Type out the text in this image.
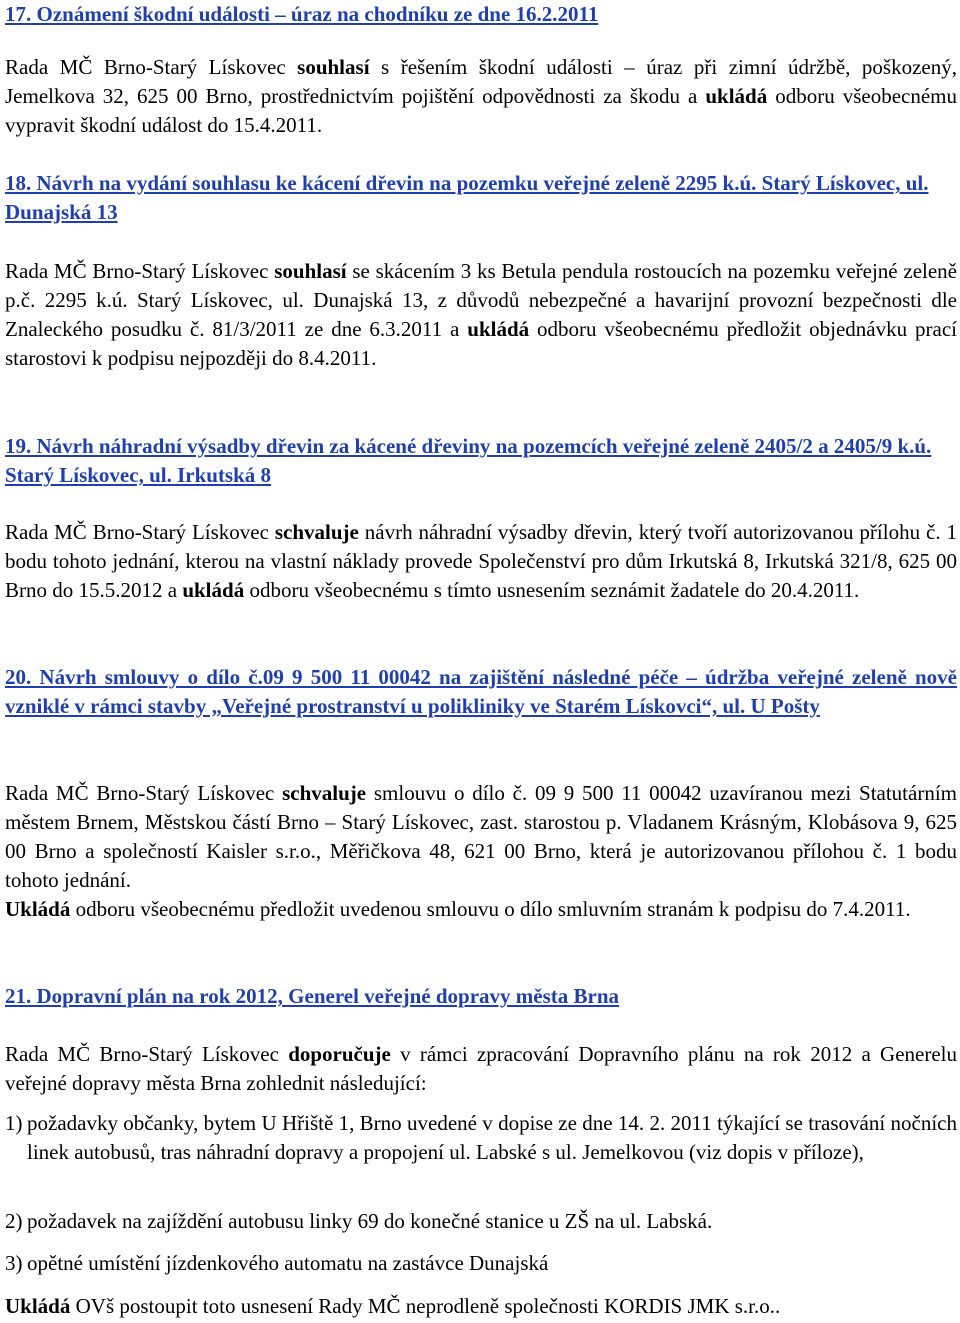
17. Oznámení škodní události – úraz na chodníku ze dne 16.2.2011

Rada MČ Brno-Starý Lískovec souhlasí s řešením škodní události – úraz při zimní údržbě, poškozený, Jemelkova 32, 625 00 Brno, prostřednictvím pojištění odpovědnosti za škodu a ukládá odboru všeobecnému vypravit škodní událost do 15.4.2011.

18. Návrh na vydání souhlasu ke kácení dřevin na pozemku veřejné zeleně 2295 k.ú. Starý Lískovec, ul. Dunajská 13

Rada MČ Brno-Starý Lískovec souhlasí se skácením 3 ks Betula pendula rostoucích na pozemku veřejné zeleně p.č. 2295 k.ú. Starý Lískovec, ul. Dunajská 13, z důvodů nebezpečné a havarijní provozní bezpečnosti dle Znaleckého posudku č. 81/3/2011 ze dne 6.3.2011 a ukládá odboru všeobecnému předložit objednávku prací starostovi k podpisu nejpozději do 8.4.2011.

19. Návrh náhradní výsadby dřevin za kácené dřeviny na pozemcích veřejné zeleně 2405/2 a 2405/9 k.ú. Starý Lískovec, ul. Irkutská 8

Rada MČ Brno-Starý Lískovec schvaluje návrh náhradní výsadby dřevin, který tvoří autorizovanou přílohu č. 1 bodu tohoto jednání, kterou na vlastní náklady provede Společenství pro dům Irkutská 8, Irkutská 321/8, 625 00 Brno do 15.5.2012 a ukládá odboru všeobecnému s tímto usnesením seznámit žadatele do 20.4.2011.

20. Návrh smlouvy o dílo č.09 9 500 11 00042 na zajištění následné péče – údržba veřejné zeleně nově vzniklé v rámci stavby „Veřejné prostranství u polikliniky ve Starém Lískovci“, ul. U Pošty

Rada MČ Brno-Starý Lískovec schvaluje smlouvu o dílo č. 09 9 500 11 00042 uzavíranou mezi Statutárním městem Brnem, Městskou částí Brno – Starý Lískovec, zast. starostou p. Vladanem Krásným, Klobásova 9, 625 00 Brno a společností Kaisler s.r.o., Měřičkova 48, 621 00 Brno, která je autorizovanou přílohou č. 1 bodu tohoto jednání.
Ukládá odboru všeobecnému předložit uvedenou smlouvu o dílo smluvním stranám k podpisu do 7.4.2011.

21. Dopravní plán na rok 2012, Generel veřejné dopravy města Brna

Rada MČ Brno-Starý Lískovec doporučuje v rámci zpracování Dopravního plánu na rok 2012 a Generelu veřejné dopravy města Brna zohlednit následující:

1) požadavky občanky, bytem U Hřiště 1, Brno uvedené v dopise ze dne 14. 2. 2011 týkající se trasování nočních linek autobusů, tras náhradní dopravy a propojení ul. Labské s ul. Jemelkovou (viz dopis v příloze),
2) požadavek na zajíždění autobusu linky 69 do konečné stanice u ZŠ na ul. Labská.
3) opětné umístění jízdenkového automatu na zastávce Dunajská

Ukládá OVš postoupit toto usnesení Rady MČ neprodleně společnosti KORDIS JMK s.r.o..
